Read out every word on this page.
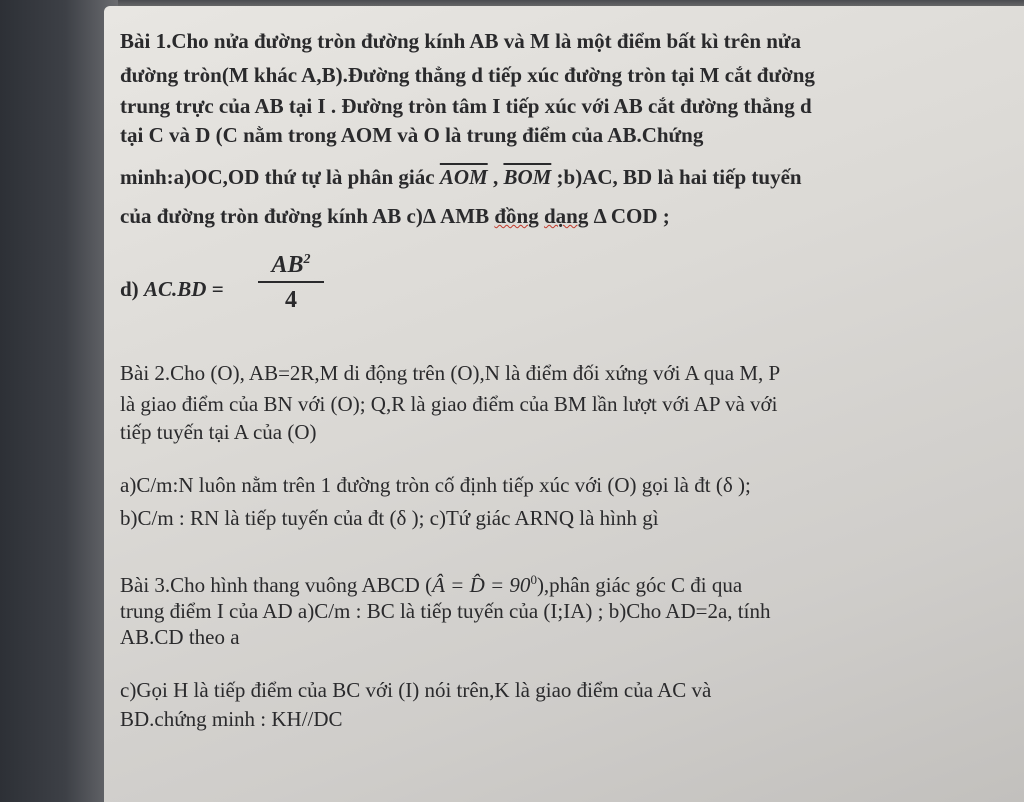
Bài 1.Cho nửa đường tròn đường kính AB và M là một điểm bất kì trên nửa
đường tròn(M khác A,B).Đường thẳng d tiếp xúc đường tròn tại M cắt đường
trung trực của AB tại I . Đường tròn tâm I tiếp xúc với AB cắt đường thẳng d
tại C và D (C nằm trong AOM và O là trung điểm của AB.Chứng
minh:a)OC,OD thứ tự là phân giác $\overline{AOM}$ , $\overline{BOM}$ ;b)AC, BD là hai tiếp tuyến
của đường tròn đường kính AB c)Δ AMB đồng dạng Δ COD ;
d) $AC.BD = \frac{AB^2}{4}$
Bài 2.Cho (O), AB=2R,M di động trên (O),N là điểm đối xứng với A qua M, P
là giao điểm của BN với (O); Q,R là giao điểm của BM lần lượt với AP và với
tiếp tuyến tại A của (O)
a)C/m:N luôn nằm trên 1 đường tròn cố định tiếp xúc với (O) gọi là đt (δ );
b)C/m : RN là tiếp tuyến của đt (δ ); c)Tứ giác ARNQ là hình gì
Bài 3.Cho hình thang vuông ABCD (Â = D̂ = $90^0),phân$ giác góc C đi qua
trung điểm I của AD a)C/m : BC là tiếp tuyến của (I;IA) ; b)Cho AD=2a, tính
AB.CD theo a
c)Gọi H là tiếp điểm của BC với (I) nói trên,K là giao điểm của AC và
BD.chứng minh : KH//DC
